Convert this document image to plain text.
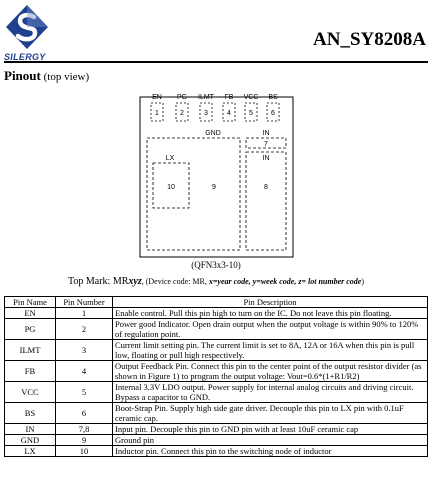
SILERGY
AN_SY8208A
Pinout (top view)
EN PG ILMT FB VCC BS
1	2	3	4	5	6
GND	IN
7
IN
8
LX
10	9
(QFN3x3-10)
Top Mark: MRxyz, (Device code: MR, x=year code, y=week code, z= lot number code)
Pin Name	Pin Number	Pin Description
EN	1	Enable control. Pull this pin high to turn on the IC. Do not leave this pin floating.
PG	2	Power good Indicator. Open drain output when the output voltage is within 90% to 120% of regulation point.
ILMT	3	Current limit setting pin. The current limit is set to 8A, 12A or 16A when this pin is pull low, floating or pull high respectively.
FB	4	Output Feedback Pin. Connect this pin to the center point of the output resistor divider (as shown in Figure 1) to program the output voltage: Vout=0.6*(1+R1/R2)
VCC	5	Internal 3.3V LDO output. Power supply for internal analog circuits and driving circuit. Bypass a capacitor to GND.
BS	6	Boot-Strap Pin. Supply high side gate driver. Decouple this pin to LX pin with 0.1uF ceramic cap.
IN	7,8	Input pin. Decouple this pin to GND pin with at least 10uF ceramic cap
GND	9	Ground pin
LX	10	Inductor pin. Connect this pin to the switching node of inductor
